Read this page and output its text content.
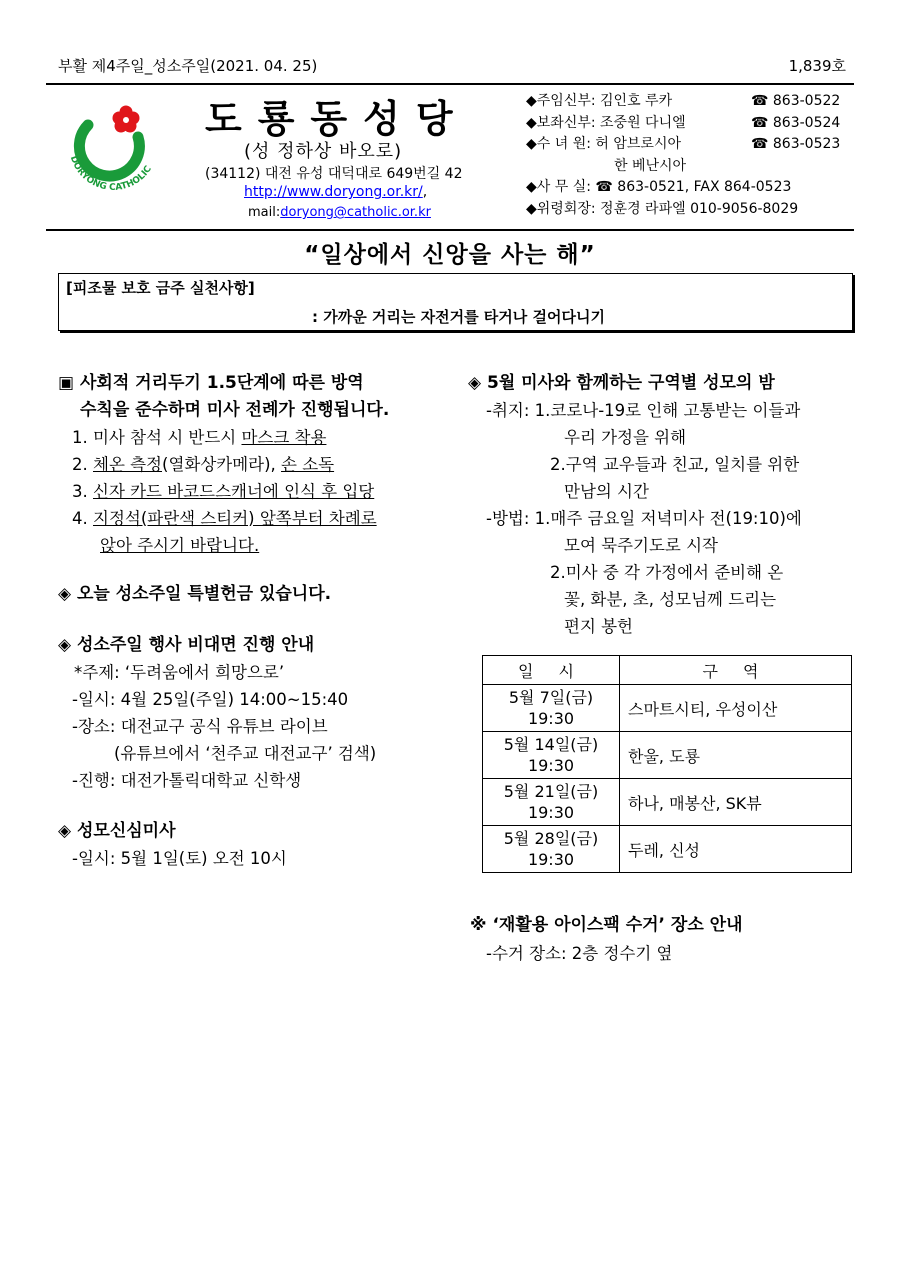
부활 제4주일_성소주일(2021. 04. 25)	1,839호
DORYONG CATHOLIC
도룡동성당
(성 정하상 바오로)
(34112) 대전 유성 대덕대로 649번길 42
http://www.doryong.or.kr/,
mail:doryong@catholic.or.kr
◆주임신부: 김인호 루카	☎ 863-0522
◆보좌신부: 조중원 다니엘	☎ 863-0524
◆수 녀 원: 허 암브로시아	☎ 863-0523
한 베난시아
◆사 무 실: ☎ 863-0521, FAX 864-0523
◆위령회장: 정훈경 라파엘 010-9056-8029
“일상에서 신앙을 사는 해”
[피조물 보호 금주 실천사항]
: 가까운 거리는 자전거를 타거나 걸어다니기
▣ 사회적 거리두기 1.5단계에 따른 방역
수칙을 준수하며 미사 전례가 진행됩니다.
1. 미사 참석 시 반드시 마스크 착용
2. 체온 측정(열화상카메라), 손 소독
3. 신자 카드 바코드스캐너에 인식 후 입당
4. 지정석(파란색 스티커) 앞쪽부터 차례로
앉아 주시기 바랍니다.
◈ 오늘 성소주일 특별헌금 있습니다.
◈ 성소주일 행사 비대면 진행 안내
*주제: ‘두려움에서 희망으로’
-일시: 4월 25일(주일) 14:00~15:40
-장소: 대전교구 공식 유튜브 라이브
(유튜브에서 ‘천주교 대전교구’ 검색)
-진행: 대전가톨릭대학교 신학생
◈ 성모신심미사
-일시: 5월 1일(토) 오전 10시
◈ 5월 미사와 함께하는 구역별 성모의 밤
-취지: 1.코로나-19로 인해 고통받는 이들과
우리 가정을 위해
2.구역 교우들과 친교, 일치를 위한
만남의 시간
-방법: 1.매주 금요일 저녁미사 전(19:10)에
모여 묵주기도로 시작
2.미사 중 각 가정에서 준비해 온
꽃, 화분, 초, 성모님께 드리는
편지 봉헌
일 시	구 역
5월 7일(금)
19:30	스마트시티, 우성이산
5월 14일(금)
19:30	한울, 도룡
5월 21일(금)
19:30	하나, 매봉산, SK뷰
5월 28일(금)
19:30	두레, 신성
※ ‘재활용 아이스팩 수거’ 장소 안내
-수거 장소: 2층 정수기 옆
